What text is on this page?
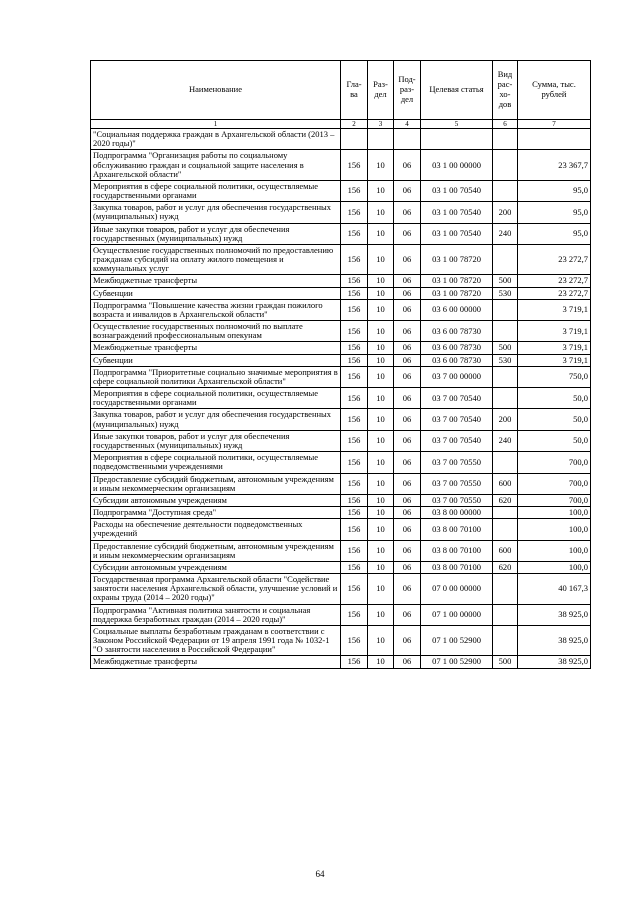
Наименование	Гла-ва	Раз-дел	Под-раз-дел	Целевая статья	Вид рас-хо-дов	Сумма, тыс. рублей
1	2	3	4	5	6	7
"Социальная поддержка граждан в Архангельской области (2013 – 2020 годы)"						
Подпрограмма "Организация работы по социальному обслуживанию граждан и социальной защите населения в Архангельской области"	156	10	06	03 1 00 00000		23 367,7
Мероприятия в сфере социальной политики, осуществляемые государственными органами	156	10	06	03 1 00 70540		95,0
Закупка товаров, работ и услуг для обеспечения государственных (муниципальных) нужд	156	10	06	03 1 00 70540	200	95,0
Иные закупки товаров, работ и услуг для обеспечения государственных (муниципальных) нужд	156	10	06	03 1 00 70540	240	95,0
Осуществление государственных полномочий по предоставлению гражданам субсидий на оплату жилого помещения и коммунальных услуг	156	10	06	03 1 00 78720		23 272,7
Межбюджетные трансферты	156	10	06	03 1 00 78720	500	23 272,7
Субвенции	156	10	06	03 1 00 78720	530	23 272,7
Подпрограмма "Повышение качества жизни граждан пожилого возраста и инвалидов в Архангельской области"	156	10	06	03 6 00 00000		3 719,1
Осуществление государственных полномочий по выплате вознаграждений профессиональным опекунам	156	10	06	03 6 00 78730		3 719,1
Межбюджетные трансферты	156	10	06	03 6 00 78730	500	3 719,1
Субвенции	156	10	06	03 6 00 78730	530	3 719,1
Подпрограмма "Приоритетные социально значимые мероприятия в сфере социальной политики Архангельской области"	156	10	06	03 7 00 00000		750,0
Мероприятия в сфере социальной политики, осуществляемые государственными органами	156	10	06	03 7 00 70540		50,0
Закупка товаров, работ и услуг для обеспечения государственных (муниципальных) нужд	156	10	06	03 7 00 70540	200	50,0
Иные закупки товаров, работ и услуг для обеспечения государственных (муниципальных) нужд	156	10	06	03 7 00 70540	240	50,0
Мероприятия в сфере социальной политики, осуществляемые подведомственными учреждениями	156	10	06	03 7 00 70550		700,0
Предоставление субсидий бюджетным, автономным учреждениям и иным некоммерческим организациям	156	10	06	03 7 00 70550	600	700,0
Субсидии автономным учреждениям	156	10	06	03 7 00 70550	620	700,0
Подпрограмма "Доступная среда"	156	10	06	03 8 00 00000		100,0
Расходы на обеспечение деятельности подведомственных учреждений	156	10	06	03 8 00 70100		100,0
Предоставление субсидий бюджетным, автономным учреждениям и иным некоммерческим организациям	156	10	06	03 8 00 70100	600	100,0
Субсидии автономным учреждениям	156	10	06	03 8 00 70100	620	100,0
Государственная программа Архангельской области "Содействие занятости населения Архангельской области, улучшение условий и охраны труда (2014 – 2020 годы)"	156	10	06	07 0 00 00000		40 167,3
Подпрограмма "Активная политика занятости и социальная поддержка безработных граждан (2014 – 2020 годы)"	156	10	06	07 1 00 00000		38 925,0
Социальные выплаты безработным гражданам в соответствии с Законом Российской Федерации от 19 апреля 1991 года № 1032-1 "О занятости населения в Российской Федерации"	156	10	06	07 1 00 52900		38 925,0
Межбюджетные трансферты	156	10	06	07 1 00 52900	500	38 925,0
64
